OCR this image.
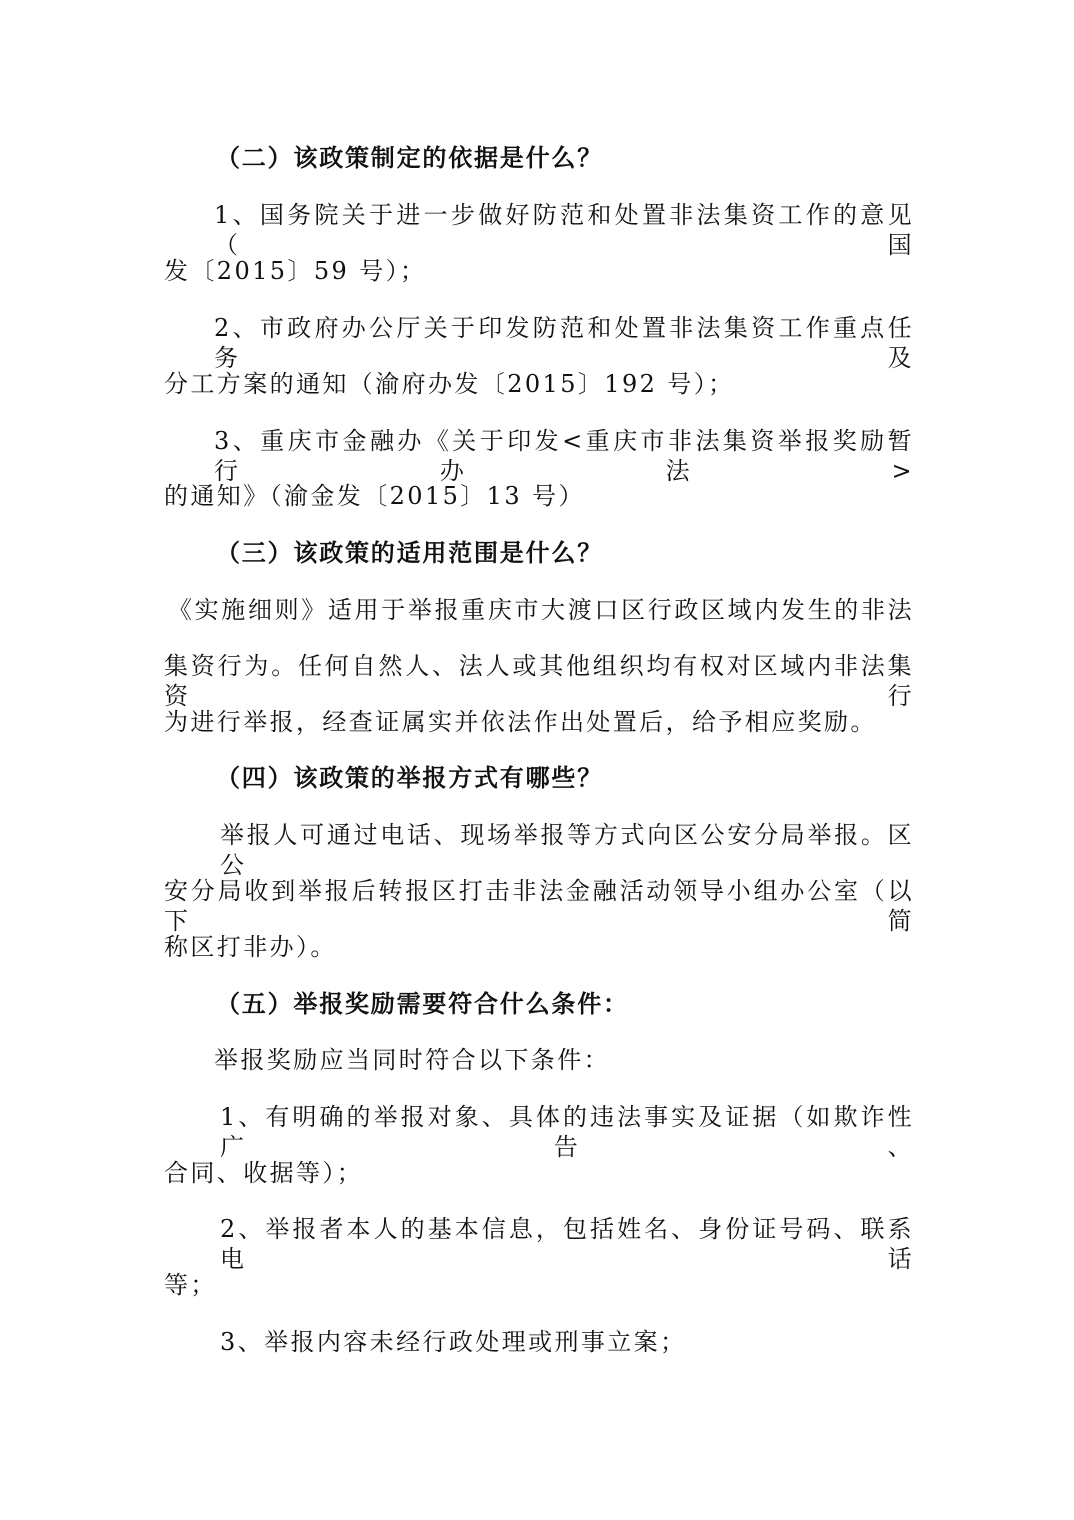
（二）该政策制定的依据是什么？
1、国务院关于进一步做好防范和处置非法集资工作的意见（国
发〔2015〕59 号）；
2、市政府办公厅关于印发防范和处置非法集资工作重点任务及
分工方案的通知（渝府办发〔2015〕192 号）；
3、重庆市金融办《关于印发<重庆市非法集资举报奖励暂行办法>
的通知》（渝金发〔2015〕13 号）
（三）该政策的适用范围是什么？
《实施细则》适用于举报重庆市大渡口区行政区域内发生的非法
集资行为。任何自然人、法人或其他组织均有权对区域内非法集资行
为进行举报，经查证属实并依法作出处置后，给予相应奖励。
（四）该政策的举报方式有哪些？
举报人可通过电话、现场举报等方式向区公安分局举报。区公
安分局收到举报后转报区打击非法金融活动领导小组办公室（以下简
称区打非办）。
（五）举报奖励需要符合什么条件：
举报奖励应当同时符合以下条件：
1、有明确的举报对象、具体的违法事实及证据（如欺诈性广告、
合同、收据等）；
2、举报者本人的基本信息，包括姓名、身份证号码、联系电话
等；
3、举报内容未经行政处理或刑事立案；
